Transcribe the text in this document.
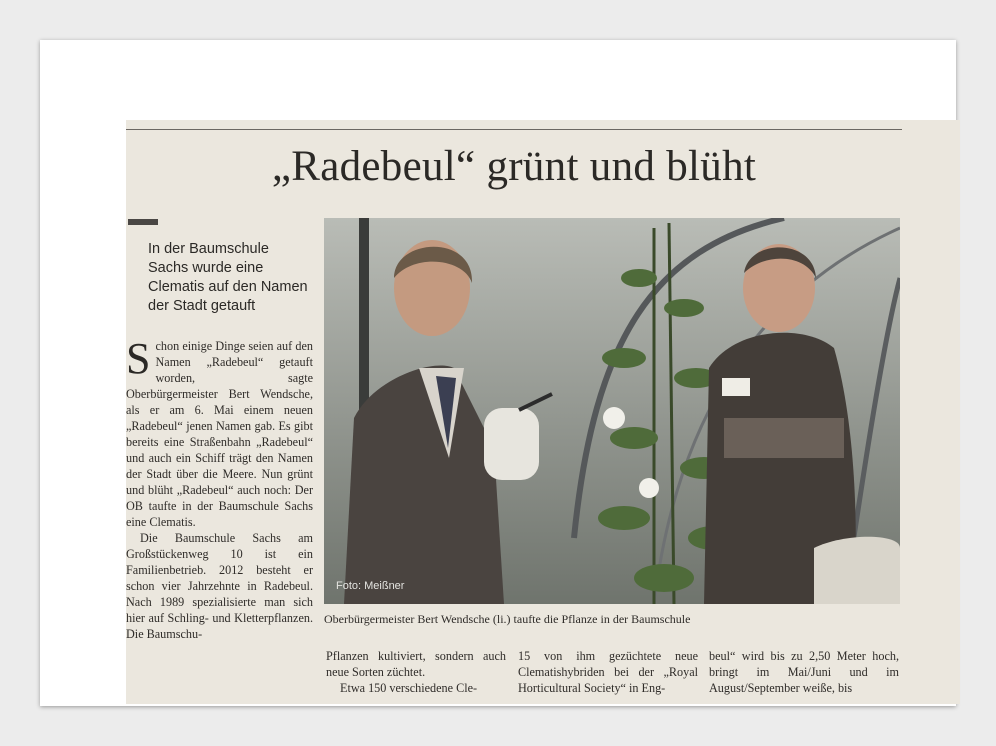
„Radebeul“ grünt und blüht
In der Baumschule Sachs wurde eine Clematis auf den Namen der Stadt getauft

Schon einige Dinge seien auf den Namen „Radebeul“ getauft worden, sagte Oberbürgermeister Bert Wendsche, als er am 6. Mai einem neuen „Radebeul“ jenen Namen gab. Es gibt bereits eine Straßenbahn „Radebeul“ und auch ein Schiff trägt den Namen der Stadt über die Meere. Nun grünt und blüht „Radebeul“ auch noch: Der OB taufte in der Baumschule Sachs eine Clematis.

Die Baumschule Sachs am Großstückenweg 10 ist ein Familienbetrieb. 2012 besteht er schon vier Jahrzehnte in Radebeul. Nach 1989 spezialisierte man sich hier auf Schling- und Kletterpflanzen. Die Baumschu-

Foto: Meißner
Oberbürgermeister Bert Wendsche (li.) taufte die Pflanze in der Baumschule

Pflanzen kultiviert, sondern auch neue Sorten züchtet.

Etwa 150 verschiedene Cle-

15 von ihm gezüchtete neue Clematishybriden bei der „Royal Horticultural Society“ in Eng-

beul“ wird bis zu 2,50 Meter hoch, bringt im Mai/Juni und im August/September weiße, bis
